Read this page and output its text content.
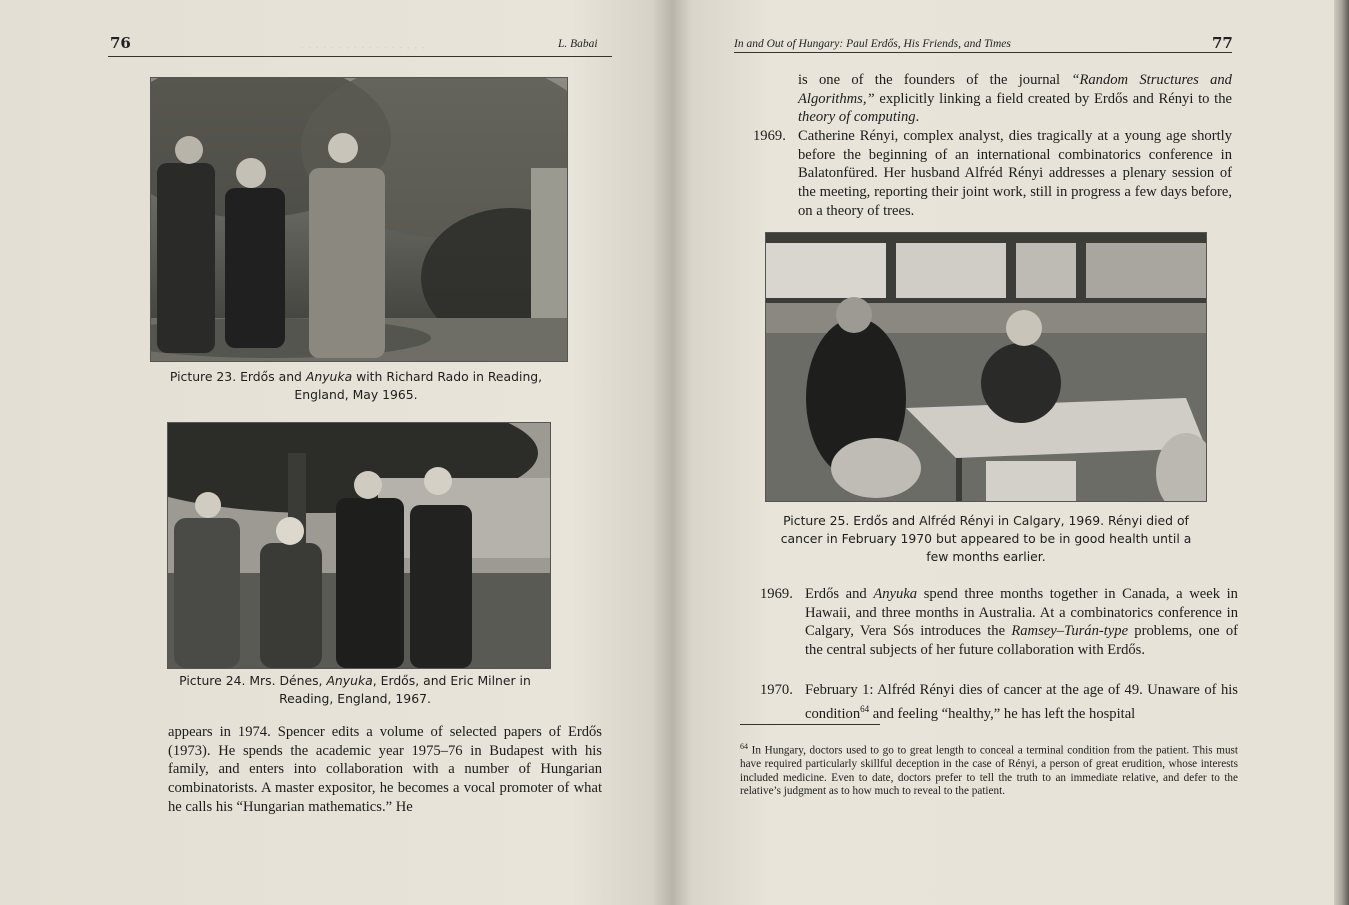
· · · · · · · · · · · · · · · · ·
76	L. Babai
Picture 23. Erdős and Anyuka with Richard Rado in Reading,
England, May 1965.
Picture 24. Mrs. Dénes, Anyuka, Erdős, and Eric Milner in
Reading, England, 1967.

appears in 1974. Spencer edits a volume of selected papers of Erdős (1973). He spends the academic year 1975–76 in Budapest with his family, and enters into collaboration with a number of Hungarian combinatorists. A master expositor, he becomes a vocal promoter of what he calls his “Hungarian mathematics.” He

In and Out of Hungary: Paul Erdős, His Friends, and Times	77

is one of the founders of the journal “Random Structures and Algorithms,” explicitly linking a field created by Erdős and Rényi to the theory of computing.

1969. Catherine Rényi, complex analyst, dies tragically at a young age shortly before the beginning of an international combinatorics conference in Balatonfüred. Her husband Alfréd Rényi addresses a plenary session of the meeting, reporting their joint work, still in progress a few days before, on a theory of trees.

Picture 25. Erdős and Alfréd Rényi in Calgary, 1969. Rényi died of cancer in February 1970 but appeared to be in good health until a few months earlier.

1969. Erdős and Anyuka spend three months together in Canada, a week in Hawaii, and three months in Australia. At a combinatorics conference in Calgary, Vera Sós introduces the Ramsey–Turán-type problems, one of the central subjects of her future collaboration with Erdős.

1970. February 1: Alfréd Rényi dies of cancer at the age of 49. Unaware of his condition$^{64}$ and feeling “healthy,” he has left the hospital

$^{64}$ In Hungary, doctors used to go to great length to conceal a terminal condition from the patient. This must have required particularly skillful deception in the case of Rényi, a person of great erudition, whose interests included medicine. Even to date, doctors prefer to tell the truth to an immediate relative, and defer to the relative’s judgment as to how much to reveal to the patient.
